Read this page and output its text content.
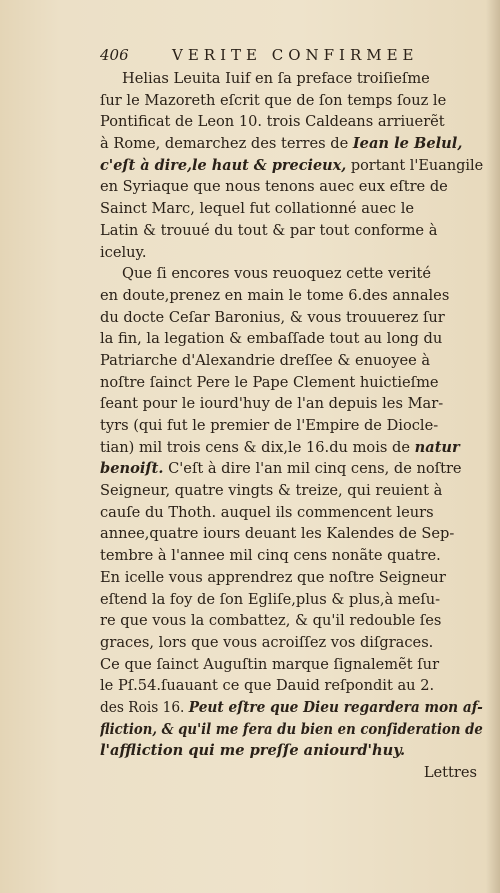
406	VERITE CONFIRMEE
Helias Leuita Iuif en ſa preface troiſieſme
ſur le Mazoreth eſcrit que de ſon temps ſouz le
Pontificat de Leon 10. trois Caldeans arriuerẽt
à Rome, demarchez des terres de Iean le Belul,
c'eſt à dire,le haut & precieux, portant l'Euangile
en Syriaque que nous tenons auec eux eſtre de
Sainct Marc, lequel fut collationné auec le
Latin & trouué du tout & par tout conforme à
iceluy.
Que ſi encores vous reuoquez cette verité
en doute,prenez en main le tome 6.des annales
du docte Ceſar Baronius, & vous trouuerez ſur
la fin, la legation & embaſſade tout au long du
Patriarche d'Alexandrie dreſſee & enuoyee à
noſtre ſainct Pere le Pape Clement huictieſme
ſeant pour le iourd'huy de l'an depuis les Mar-
tyrs (qui fut le premier de l'Empire de Diocle-
tian) mil trois cens & dix,le 16.du mois de natur
benoiſt. C'eſt à dire l'an mil cinq cens, de noſtre
Seigneur, quatre vingts & treize, qui reuient à
cauſe du Thoth. auquel ils commencent leurs
annee,quatre iours deuant les Kalendes de Sep-
tembre à l'annee mil cinq cens nonãte quatre.
En icelle vous apprendrez que noſtre Seigneur
eſtend la foy de ſon Egliſe,plus & plus,à meſu-
re que vous la combattez, & qu'il redouble ſes
graces, lors que vous acroiſſez vos diſgraces.
Ce que ſainct Auguſtin marque ſignalemẽt ſur
le Pſ.54.ſuauant ce que Dauid reſpondit au 2.
des Rois 16. Peut eſtre que Dieu regardera mon af-
fliction, & qu'il me fera du bien en conſideration de
l'affliction qui me preſſe aniourd'huy.
Lettres
